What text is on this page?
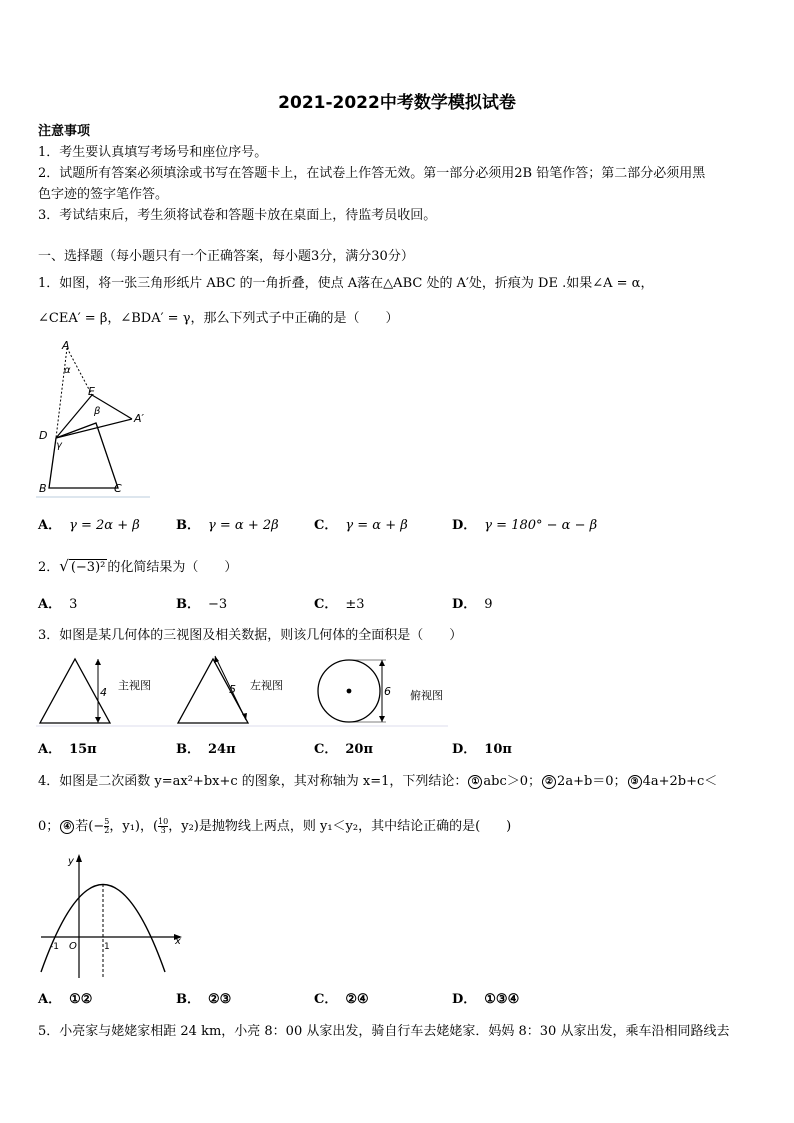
2021-2022中考数学模拟试卷
注意事项
1．考生要认真填写考场号和座位序号。
2．试题所有答案必须填涂或书写在答题卡上，在试卷上作答无效。第一部分必须用2B 铅笔作答；第二部分必须用黑
色字迹的签字笔作答。
3．考试结束后，考生须将试卷和答题卡放在桌面上，待监考员收回。
一、选择题（每小题只有一个正确答案，每小题3分，满分30分）
1．如图，将一张三角形纸片 ABC 的一角折叠，使点 A落在△ABC 处的 A′处，折痕为 DE .如果∠A = α，
∠CEA′ = β，∠BDA′ = γ，那么下列式子中正确的是（　　）
A
α
E
β
A′
D
γ
B	C
A． γ = 2α + β	B． γ = α + 2β	C． γ = α + β	D． γ = 180° − α − β
2．√ (−3)² 的化简结果为（　　）
A． 3	B． −3	C． ±3	D． 9
3．如图是某几何体的三视图及相关数据，则该几何体的全面积是（　　）
4
主视图	5 左视图	6 俯视图
A． 15π	B． 24π	C． 20π	D． 10π
4．如图是二次函数 y=ax²+bx+c 的图象，其对称轴为 x=1，下列结论： ① abc＞0； ② 2a+b＝0； ③ 4a+2b+c＜
0； ④ 若(− $\frac{5}{2}$ ，y₁)，( $\frac{10}{3}$ ，y₂)是抛物线上两点，则 y₁＜y₂，其中结论正确的是(　　)
y
x
O
-1	1
A． ①②	B． ②③	C． ②④	D． ①③④
5．小亮家与姥姥家相距 24 km，小亮 8：00 从家出发，骑自行车去姥姥家．妈妈 8：30 从家出发，乘车沿相同路线去
